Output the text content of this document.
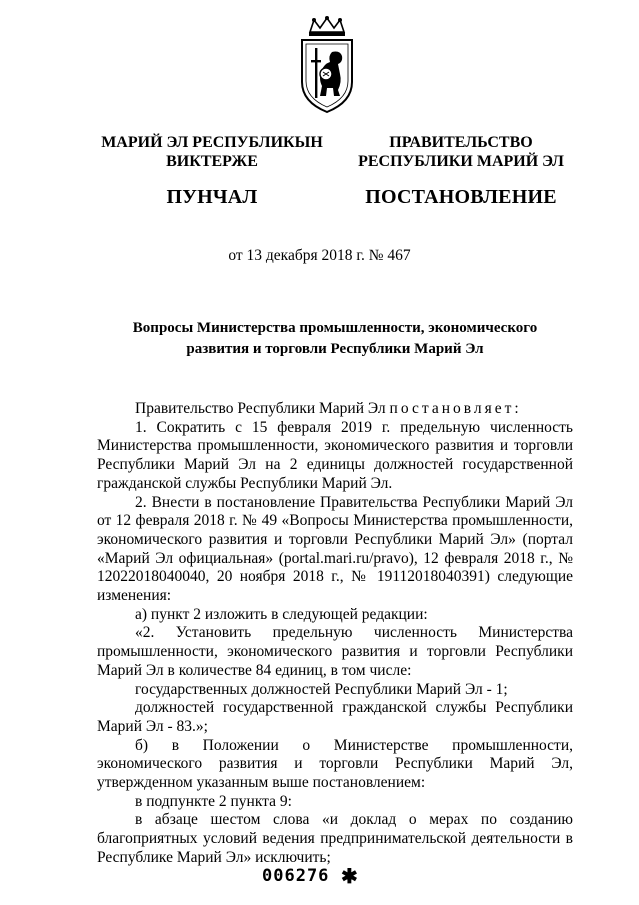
МАРИЙ ЭЛ РЕСПУБЛИКЫН
ВИКТЕРЖЕ
ПУНЧАЛ
ПРАВИТЕЛЬСТВО
РЕСПУБЛИКИ МАРИЙ ЭЛ
ПОСТАНОВЛЕНИЕ
от 13 декабря 2018 г. № 467
Вопросы Министерства промышленности, экономического
развития и торговли Республики Марий Эл

Правительство Республики Марий Эл постановляет:

1. Сократить с 15 февраля 2019 г. предельную численность Министерства промышленности, экономического развития и торговли Республики Марий Эл на 2 единицы должностей государственной гражданской службы Республики Марий Эл.

2. Внести в постановление Правительства Республики Марий Эл от 12 февраля 2018 г. № 49 «Вопросы Министерства промышленности, экономического развития и торговли Республики Марий Эл» (портал «Марий Эл официальная» (portal.mari.ru/pravo), 12 февраля 2018 г., № 12022018040040, 20 ноября 2018 г., № 19112018040391) следующие изменения:

а) пункт 2 изложить в следующей редакции:

«2. Установить предельную численность Министерства промышленности, экономического развития и торговли Республики Марий Эл в количестве 84 единиц, в том числе:

государственных должностей Республики Марий Эл - 1;

должностей государственной гражданской службы Республики Марий Эл - 83.»;

б) в Положении о Министерстве промышленности, экономического развития и торговли Республики Марий Эл, утвержденном указанным выше постановлением:

в подпункте 2 пункта 9:

в абзаце шестом слова «и доклад о мерах по созданию благоприятных условий ведения предпринимательской деятельности в Республике Марий Эл» исключить;

006276 ✱
